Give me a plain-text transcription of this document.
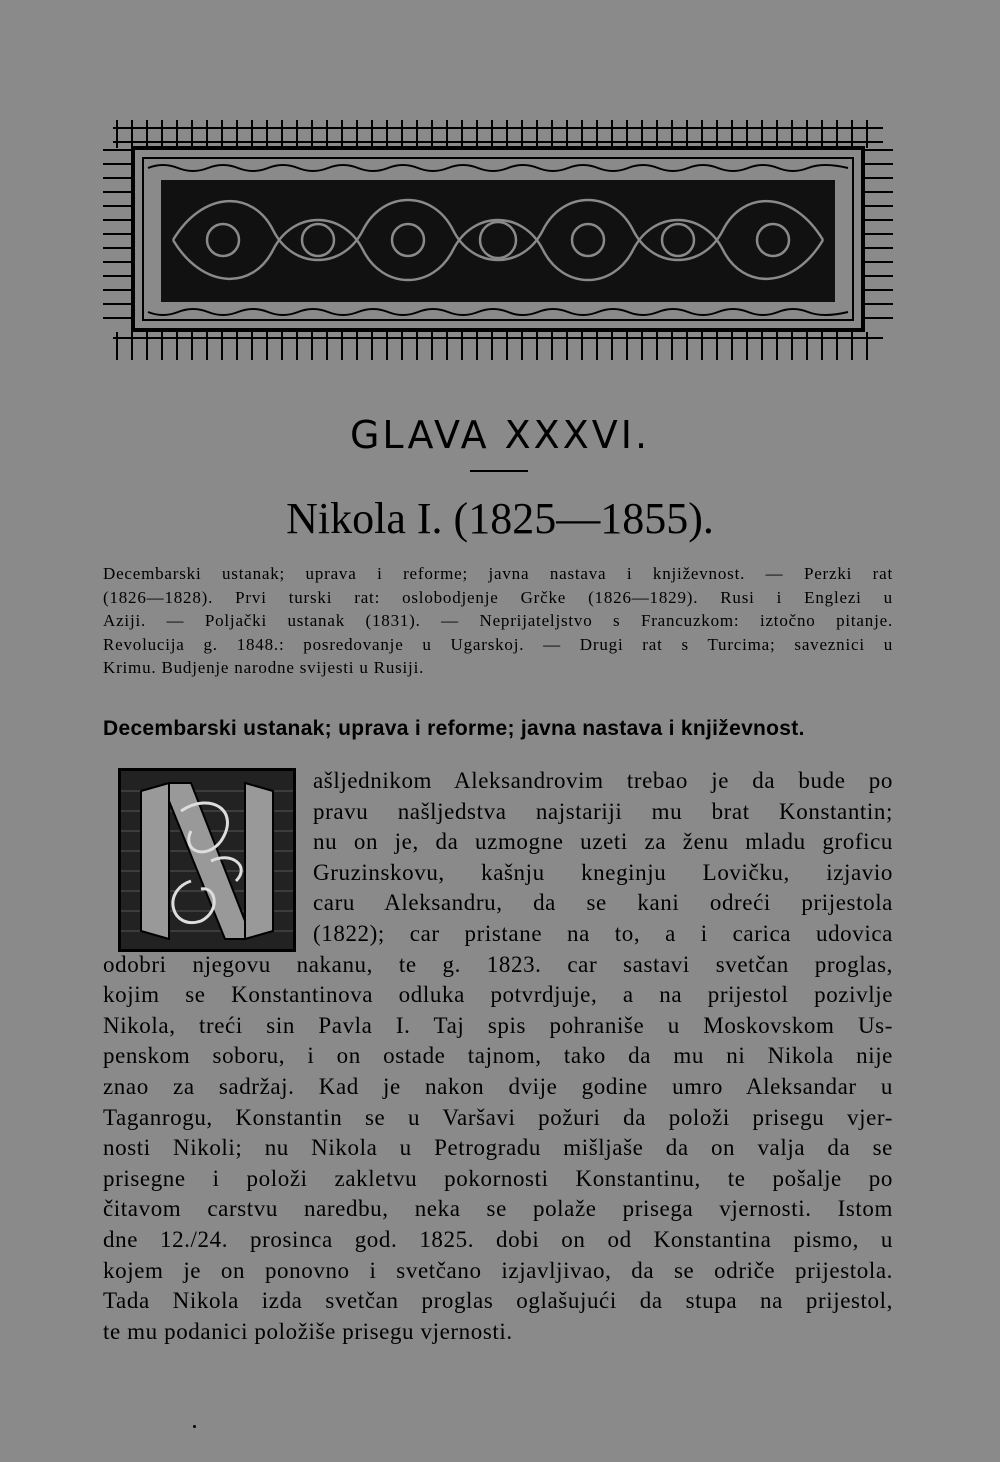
GLAVA XXXVI.
Nikola I. (1825—1855).
Decembarski ustanak; uprava i reforme; javna nastava i književnost. — Perzki rat
(1826—1828). Prvi turski rat: oslobodjenje Grčke (1826—1829). Rusi i Englezi u
Aziji. — Poljački ustanak (1831). — Neprijateljstvo s Francuzkom: iztočno pitanje.
Revolucija g. 1848.: posredovanje u Ugarskoj. — Drugi rat s Turcima; saveznici u
Krimu. Budjenje narodne svijesti u Rusiji.
Decembarski ustanak; uprava i reforme; javna nastava i književnost.
ašljednikom Aleksandrovim trebao je da bude po
pravu našljedstva najstariji mu brat Konstantin;
nu on je, da uzmogne uzeti za ženu mladu groficu
Gruzinskovu, kašnju kneginju Lovičku, izjavio
caru Aleksandru, da se kani odreći prijestola
(1822); car pristane na to, a i carica udovica
odobri njegovu nakanu, te g. 1823. car sastavi svetčan proglas,
kojim se Konstantinova odluka potvrdjuje, a na prijestol pozivlje
Nikola, treći sin Pavla I. Taj spis pohraniše u Moskovskom Us-
penskom soboru, i on ostade tajnom, tako da mu ni Nikola nije
znao za sadržaj. Kad je nakon dvije godine umro Aleksandar u
Taganrogu, Konstantin se u Varšavi požuri da položi prisegu vjer-
nosti Nikoli; nu Nikola u Petrogradu mišljaše da on valja da se
prisegne i položi zakletvu pokornosti Konstantinu, te pošalje po
čitavom carstvu naredbu, neka se polaže prisega vjernosti. Istom
dne 12./24. prosinca god. 1825. dobi on od Konstantina pismo, u
kojem je on ponovno i svetčano izjavljivao, da se odriče prijestola.
Tada Nikola izda svetčan proglas oglašujući da stupa na prijestol,
te mu podanici položiše prisegu vjernosti.
